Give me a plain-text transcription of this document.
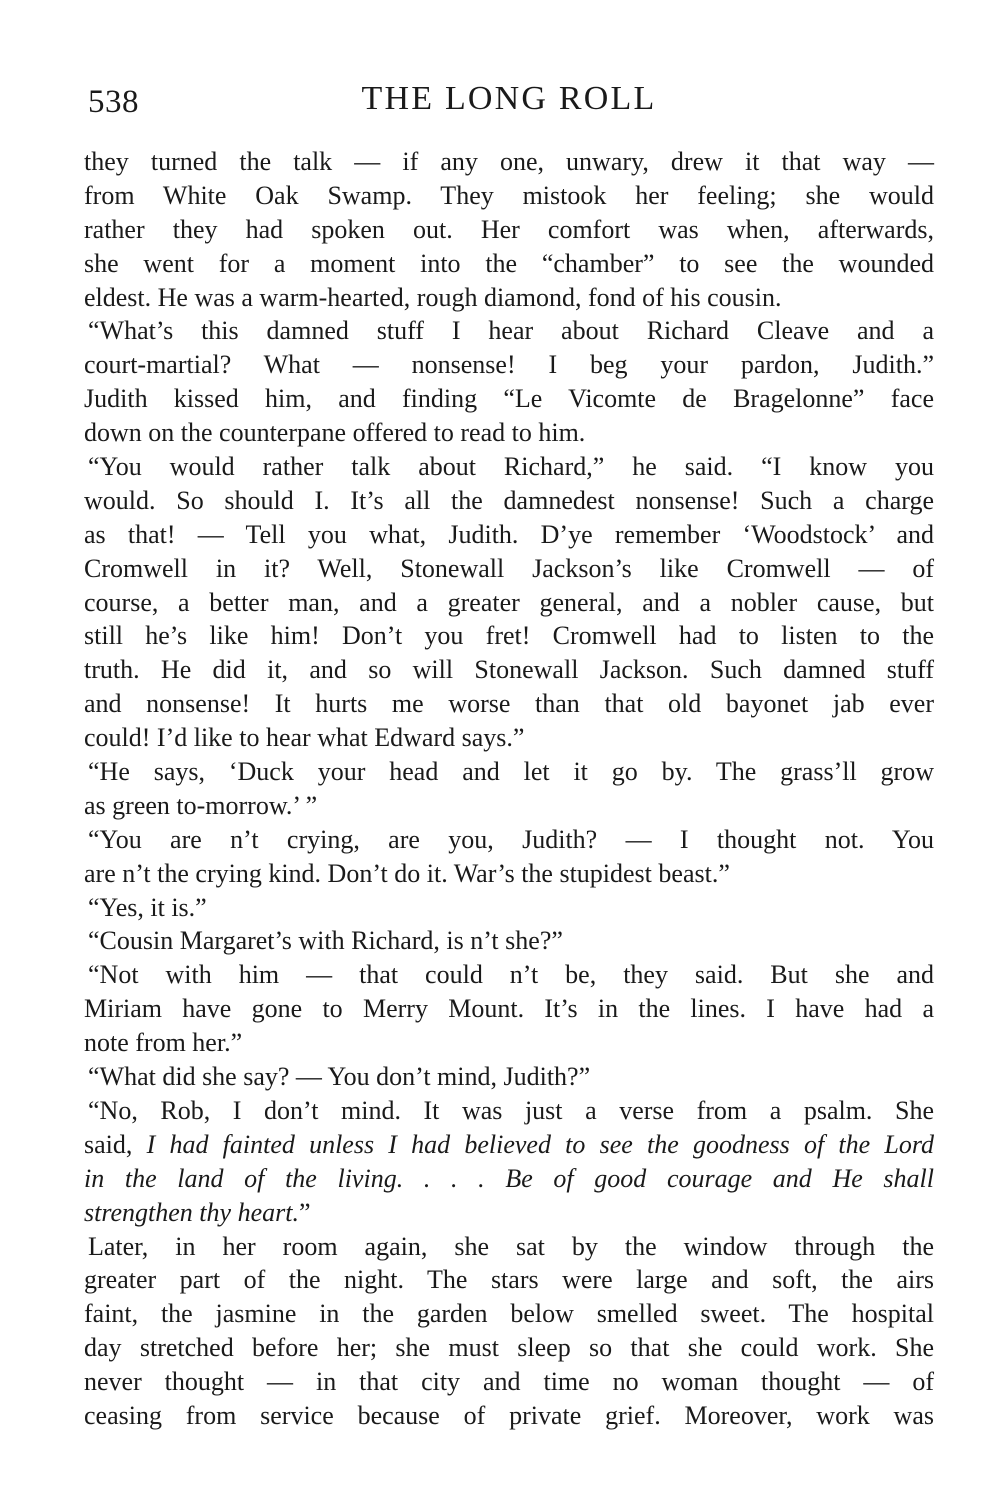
538	THE LONG ROLL
they turned the talk — if any one, unwary, drew it that way —
from White Oak Swamp. They mistook her feeling; she would
rather they had spoken out. Her comfort was when, afterwards,
she went for a moment into the “chamber” to see the wounded
eldest. He was a warm-hearted, rough diamond, fond of his cousin.
“What’s this damned stuff I hear about Richard Cleave and a
court-martial? What — nonsense! I beg your pardon, Judith.”
Judith kissed him, and finding “Le Vicomte de Bragelonne” face
down on the counterpane offered to read to him.
“You would rather talk about Richard,” he said. “I know you
would. So should I. It’s all the damnedest nonsense! Such a charge
as that! — Tell you what, Judith. D’ye remember ‘Woodstock’ and
Cromwell in it? Well, Stonewall Jackson’s like Cromwell — of
course, a better man, and a greater general, and a nobler cause, but
still he’s like him! Don’t you fret! Cromwell had to listen to the
truth. He did it, and so will Stonewall Jackson. Such damned stuff
and nonsense! It hurts me worse than that old bayonet jab ever
could! I’d like to hear what Edward says.”
“He says, ‘Duck your head and let it go by. The grass’ll grow
as green to-morrow.’ ”
“You are n’t crying, are you, Judith? — I thought not. You
are n’t the crying kind. Don’t do it. War’s the stupidest beast.”
“Yes, it is.”
“Cousin Margaret’s with Richard, is n’t she?”
“Not with him — that could n’t be, they said. But she and
Miriam have gone to Merry Mount. It’s in the lines. I have had a
note from her.”
“What did she say? — You don’t mind, Judith?”
“No, Rob, I don’t mind. It was just a verse from a psalm. She
said, I had fainted unless I had believed to see the goodness of the Lord
in the land of the living. . . . Be of good courage and He shall
strengthen thy heart.”
Later, in her room again, she sat by the window through the
greater part of the night. The stars were large and soft, the airs
faint, the jasmine in the garden below smelled sweet. The hospital
day stretched before her; she must sleep so that she could work. She
never thought — in that city and time no woman thought — of
ceasing from service because of private grief. Moreover, work was
